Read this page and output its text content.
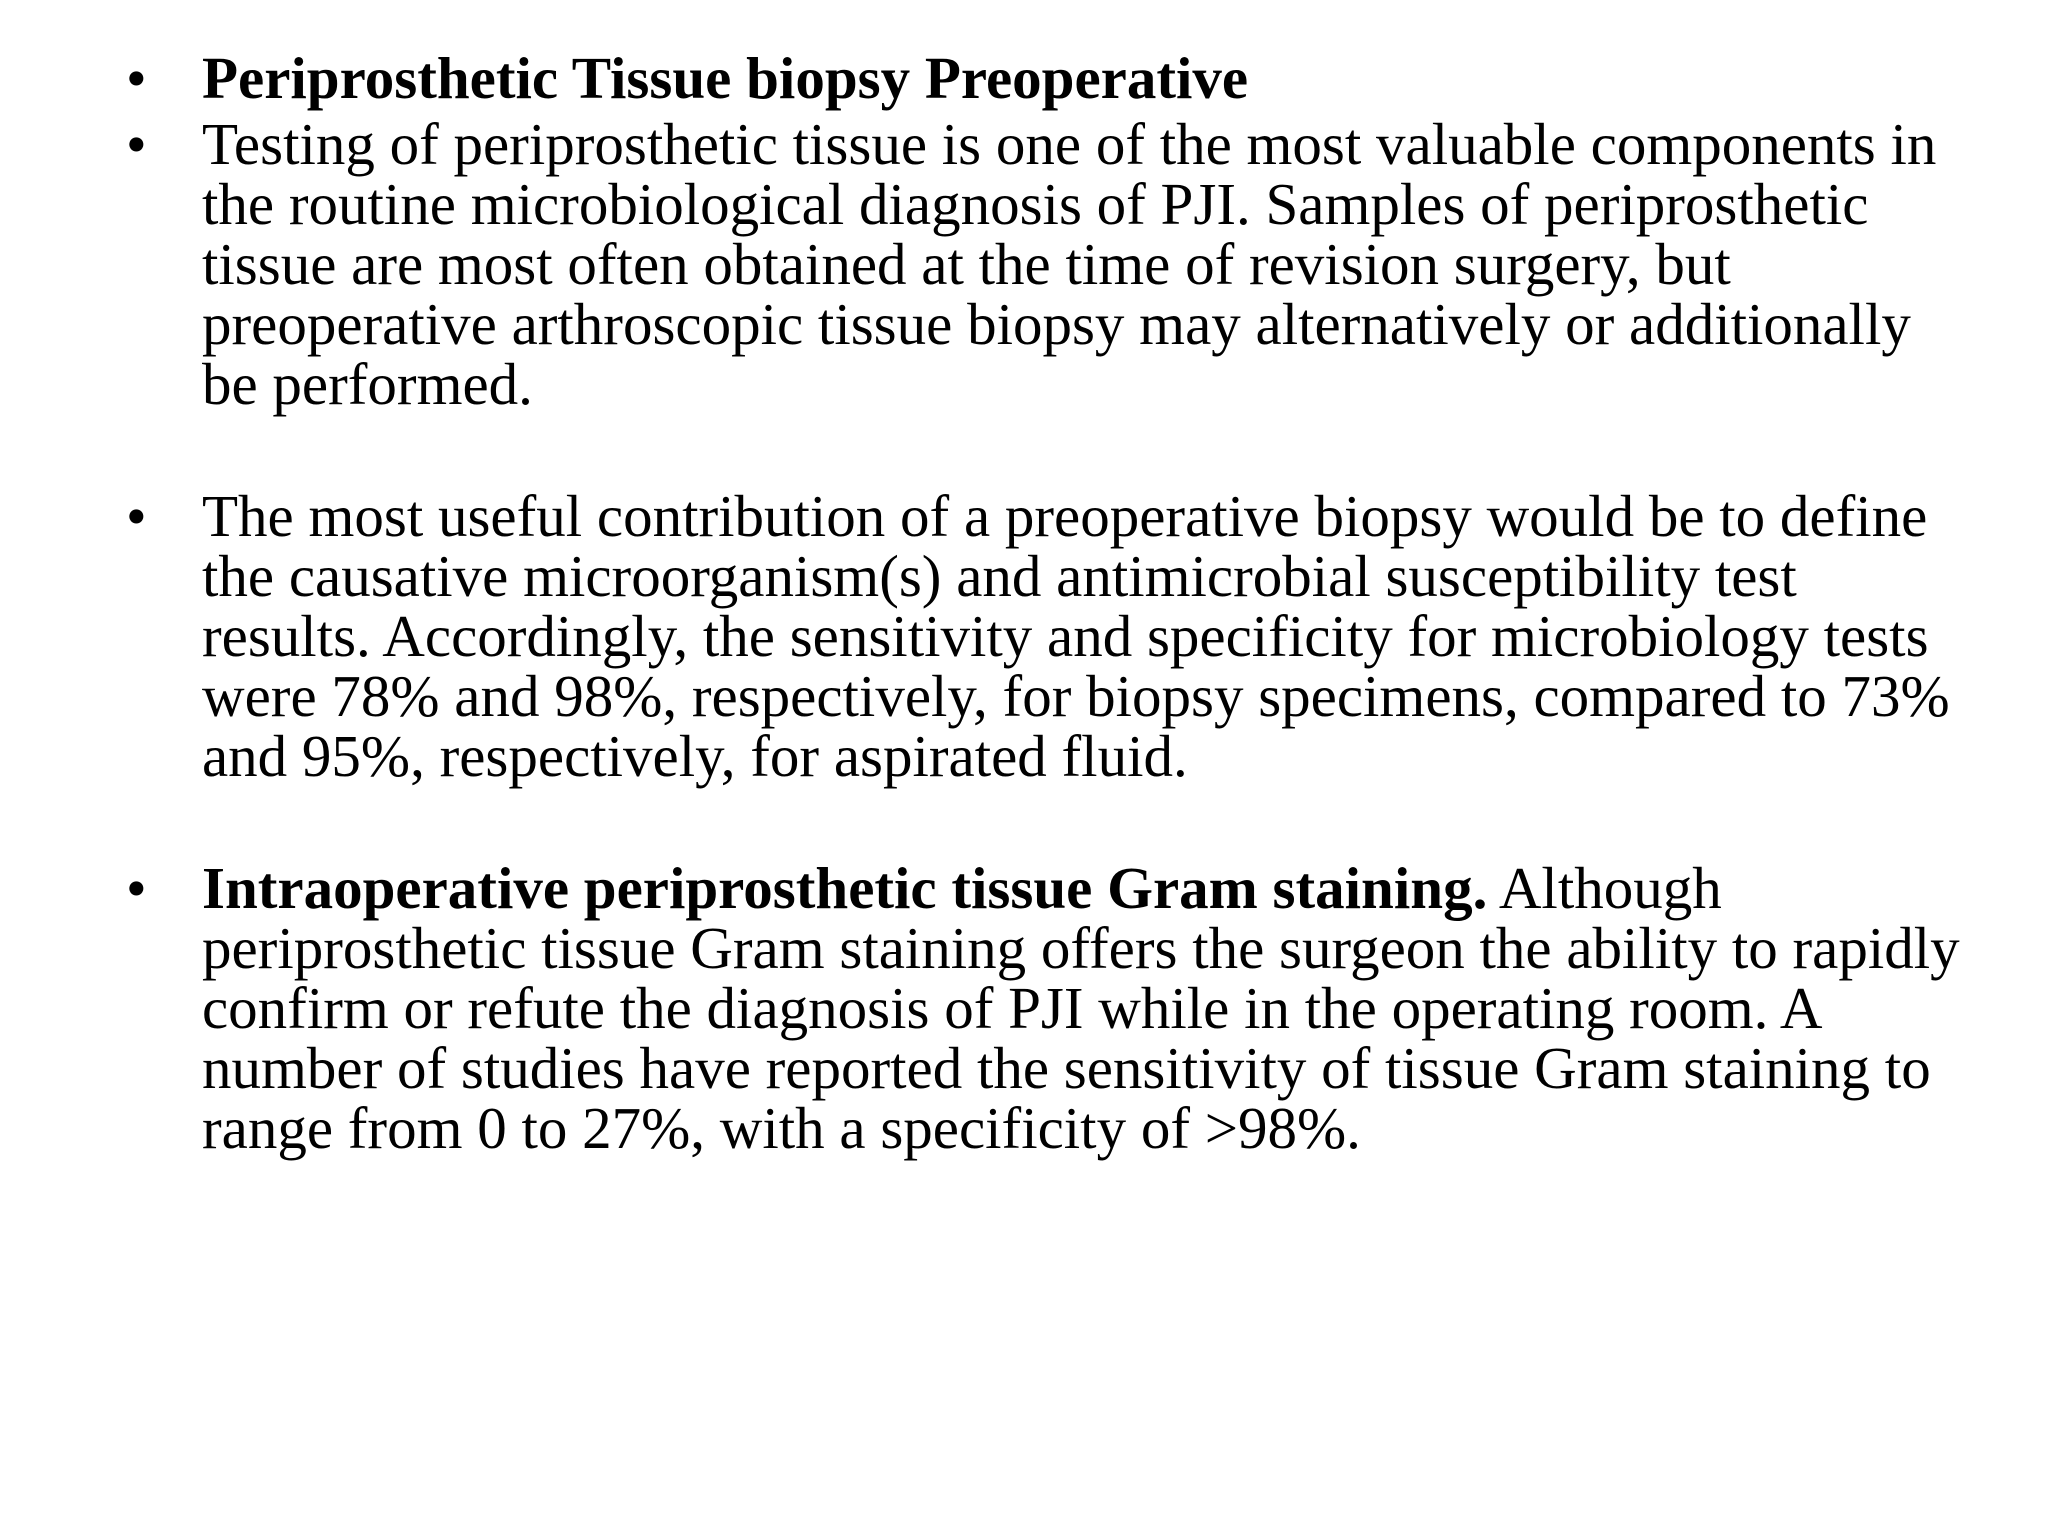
• Periprosthetic Tissue biopsy Preoperative
• Testing of periprosthetic tissue is one of the most valuable components in the routine microbiological diagnosis of PJI. Samples of periprosthetic tissue are most often obtained at the time of revision surgery, but preoperative arthroscopic tissue biopsy may alternatively or additionally be performed.
• The most useful contribution of a preoperative biopsy would be to define the causative microorganism(s) and antimicrobial susceptibility test results. Accordingly, the sensitivity and specificity for microbiology tests were 78% and 98%, respectively, for biopsy specimens, compared to 73% and 95%, respectively, for aspirated fluid.
• Intraoperative periprosthetic tissue Gram staining. Although periprosthetic tissue Gram staining offers the surgeon the ability to rapidly confirm or refute the diagnosis of PJI while in the operating room. A number of studies have reported the sensitivity of tissue Gram staining to range from 0 to 27%, with a specificity of >98%.
